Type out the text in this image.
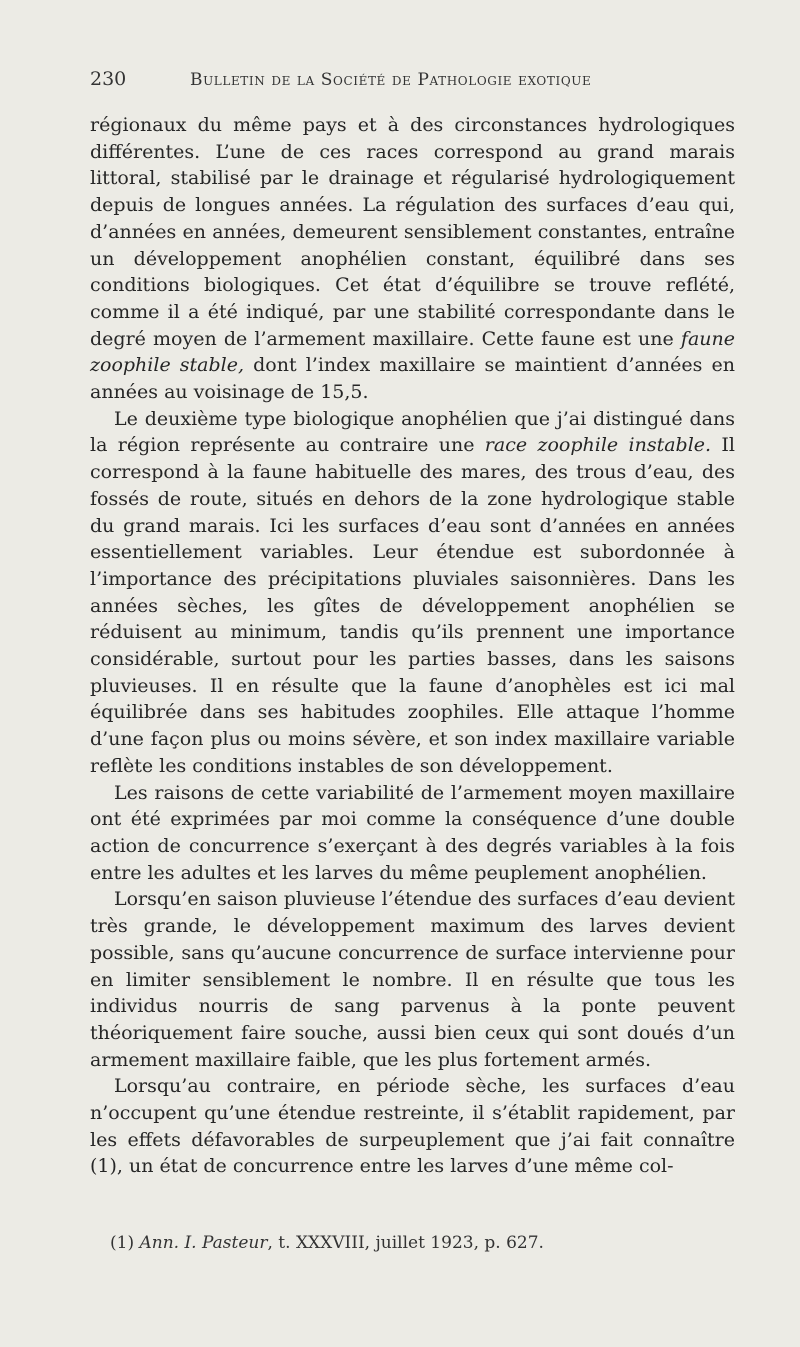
230	Bulletin de la Société de Pathologie exotique

régionaux du même pays et à des circonstances hydrologiques différentes. L’une de ces races correspond au grand marais littoral, stabilisé par le drainage et régularisé hydrologiquement depuis de longues années. La régulation des surfaces d’eau qui, d’années en années, demeurent sensiblement constantes, entraîne un développement anophélien constant, équilibré dans ses conditions biologiques. Cet état d’équilibre se trouve reflété, comme il a été indiqué, par une stabilité correspondante dans le degré moyen de l’armement maxillaire. Cette faune est une faune zoophile stable, dont l’index maxillaire se maintient d’années en années au voisinage de 15,5.

Le deuxième type biologique anophélien que j’ai distingué dans la région représente au contraire une race zoophile instable. Il correspond à la faune habituelle des mares, des trous d’eau, des fossés de route, situés en dehors de la zone hydrologique stable du grand marais. Ici les surfaces d’eau sont d’années en années essentiellement variables. Leur étendue est subordonnée à l’importance des précipitations pluviales saisonnières. Dans les années sèches, les gîtes de développement anophélien se réduisent au minimum, tandis qu’ils prennent une importance considérable, surtout pour les parties basses, dans les saisons pluvieuses. Il en résulte que la faune d’anophèles est ici mal équilibrée dans ses habitudes zoophiles. Elle attaque l’homme d’une façon plus ou moins sévère, et son index maxillaire variable reflète les conditions instables de son développement.

Les raisons de cette variabilité de l’armement moyen maxillaire ont été exprimées par moi comme la conséquence d’une double action de concurrence s’exerçant à des degrés variables à la fois entre les adultes et les larves du même peuplement anophélien.

Lorsqu’en saison pluvieuse l’étendue des surfaces d’eau devient très grande, le développement maximum des larves devient possible, sans qu’aucune concurrence de surface intervienne pour en limiter sensiblement le nombre. Il en résulte que tous les individus nourris de sang parvenus à la ponte peuvent théoriquement faire souche, aussi bien ceux qui sont doués d’un armement maxillaire faible, que les plus fortement armés.

Lorsqu’au contraire, en période sèche, les surfaces d’eau n’occupent qu’une étendue restreinte, il s’établit rapidement, par les effets défavorables de surpeuplement que j’ai fait connaître (1), un état de concurrence entre les larves d’une même col-

(1) Ann. I. Pasteur, t. XXXVIII, juillet 1923, p. 627.
